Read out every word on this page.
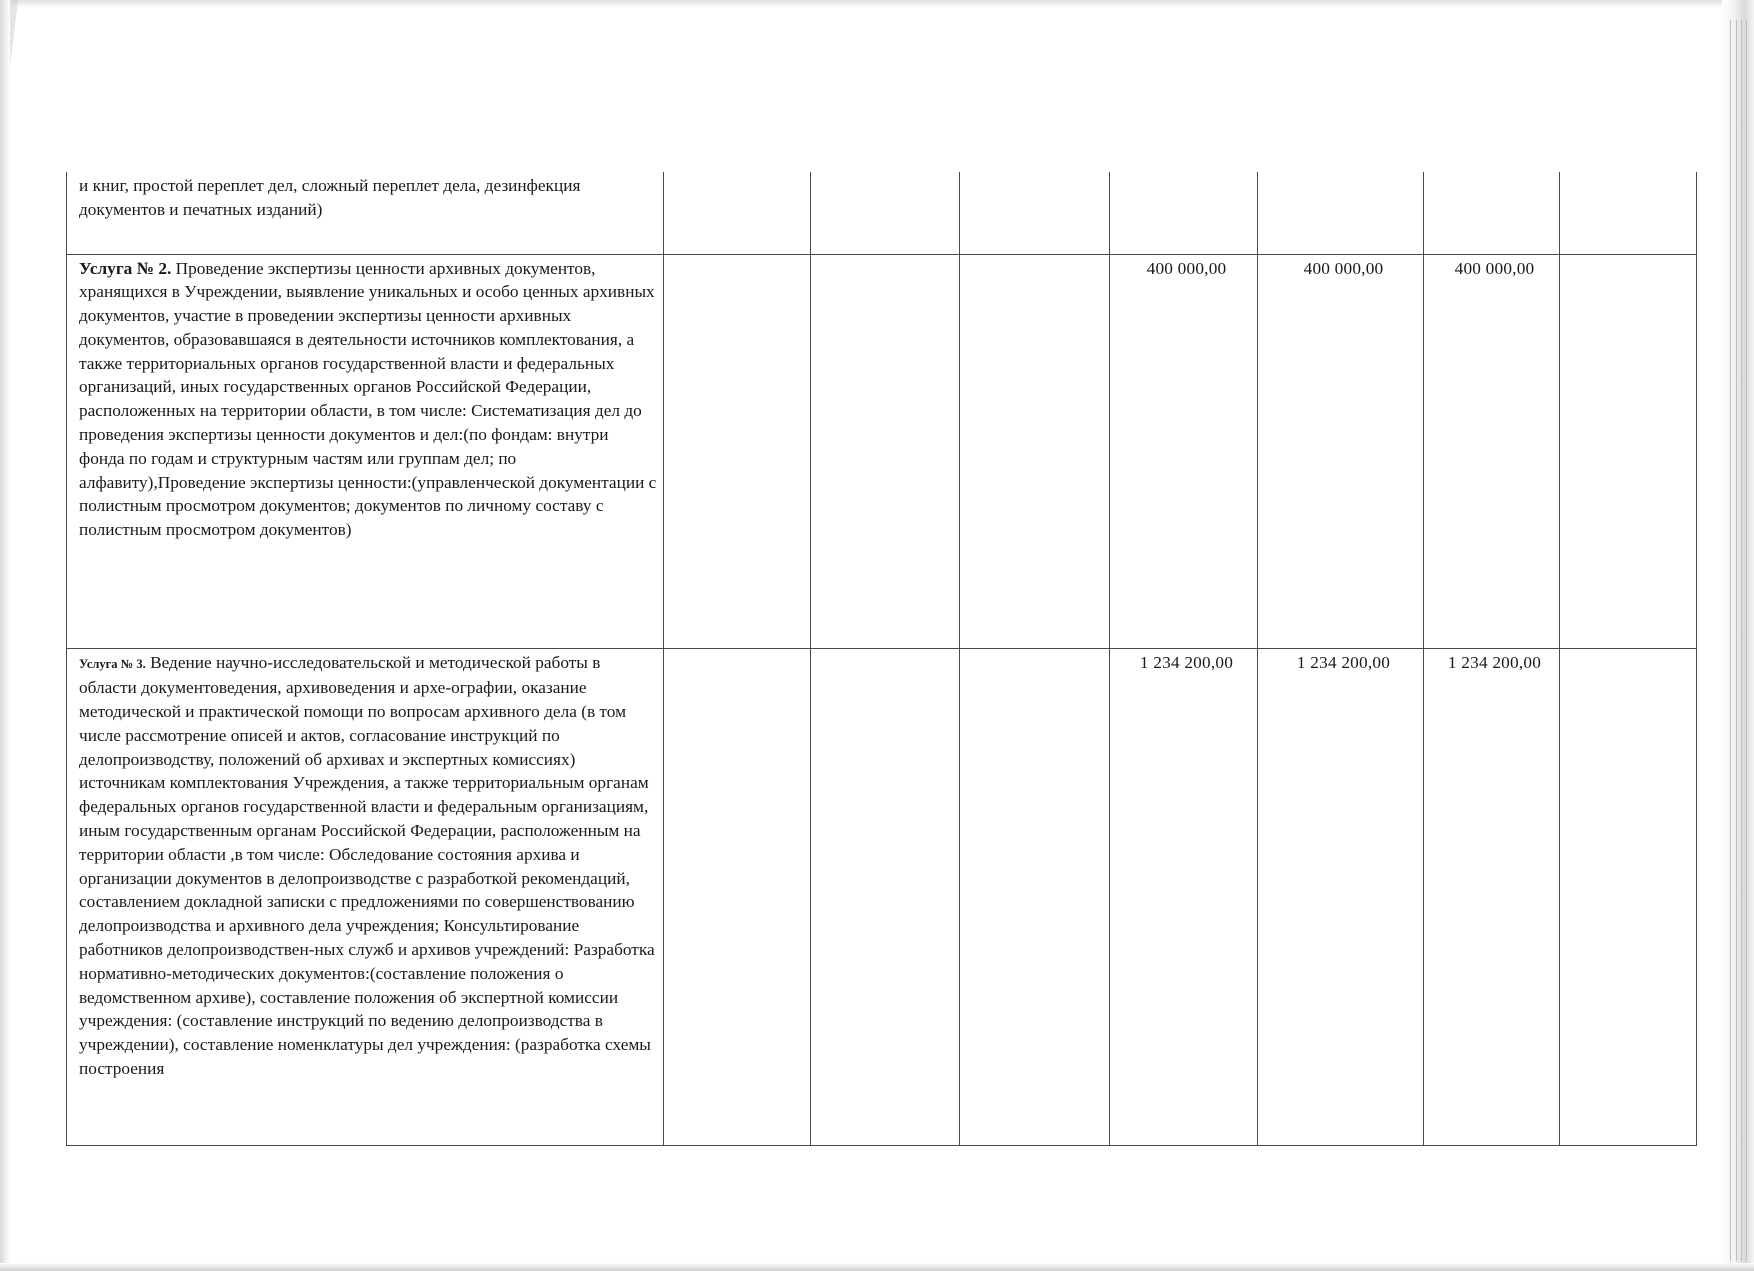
и книг, простой переплет дел, сложный переплет дела, дезинфекция документов и печатных изданий)							
Услуга № 2. Проведение экспертизы ценности архивных документов, хранящихся в Учреждении, выявление уникальных и особо ценных архивных документов, участие в проведении экспертизы ценности архивных документов, образовавшаяся в деятельности источников комплектования, а также территориальных органов государственной власти и федеральных организаций, иных государственных органов Российской Федерации, расположенных на территории области, в том числе: Систематизация дел до проведения экспертизы ценности документов и дел:(по фондам: внутри фонда по годам и структурным частям или группам дел; по алфавиту),Проведение экспертизы ценности:(управленческой документации с полистным просмотром документов; документов по личному составу с полистным просмотром документов)				400 000,00	400 000,00	400 000,00	
Услуга № 3. Ведение научно-исследовательской и методической работы в области документоведения, архивоведения и архе-ографии, оказание методической и практической помощи по вопросам архивного дела (в том числе рассмотрение описей и актов, согласование инструкций по делопроизводству, положений об архивах и экспертных комиссиях) источникам комплектования Учреждения, а также территориальным органам федеральных органов государственной власти и федеральным организациям, иным государственным органам Российской Федерации, расположенным на территории области ,в том числе: Обследование состояния архива и организации документов в делопроизводстве с разработкой рекомендаций, составлением докладной записки с предложениями по совершенствованию делопроизводства и архивного дела учреждения; Консультирование работников делопроизводствен-ных служб и архивов учреждений: Разработка нормативно-методических документов:(составление положения о ведомственном архиве), составление положения об экспертной комиссии учреждения: (составление инструкций по ведению делопроизводства в учреждении), составление номенклатуры дел учреждения: (разработка схемы построения				1 234 200,00	1 234 200,00	1 234 200,00	
